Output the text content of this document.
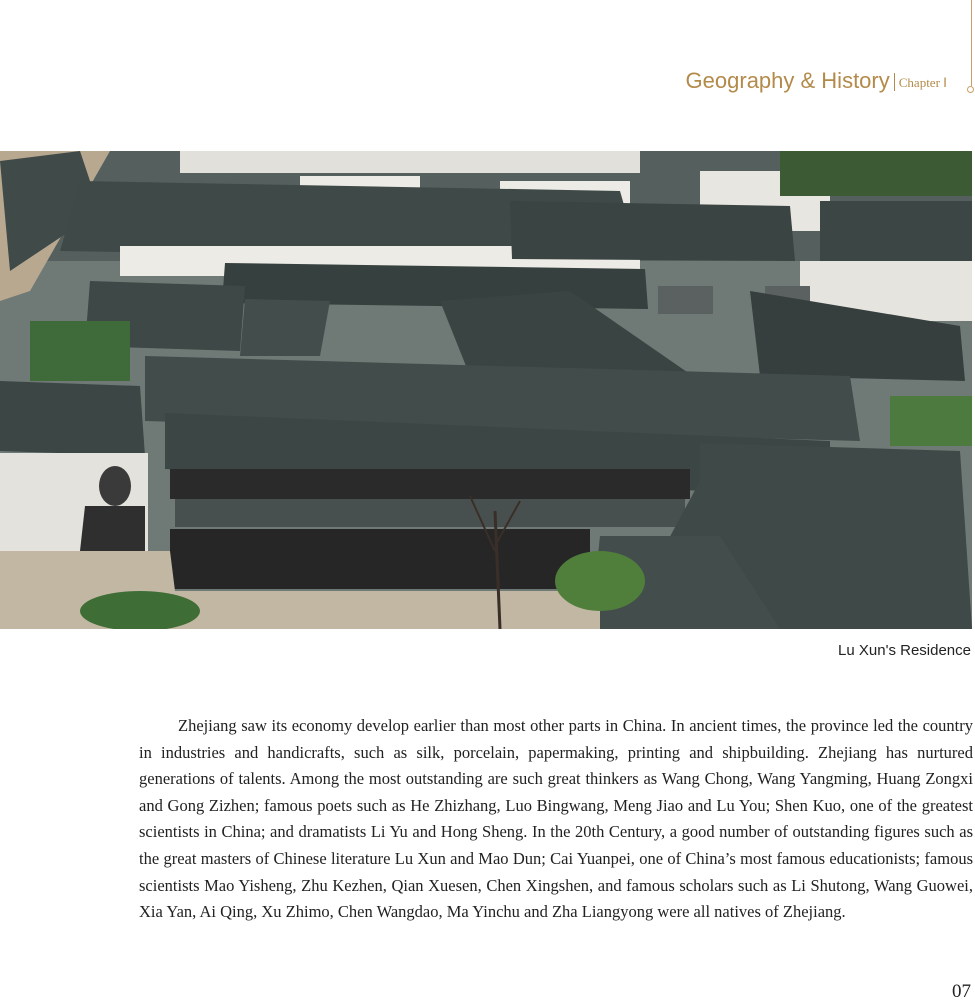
Geography & History Chapter Ⅰ
Lu Xun's Residence
Zhejiang saw its economy develop earlier than most other parts in China. In ancient times, the province led the country in industries and handicrafts, such as silk, porcelain, papermaking, printing and shipbuilding. Zhejiang has nurtured generations of talents. Among the most outstanding are such great thinkers as Wang Chong, Wang Yangming, Huang Zongxi and Gong Zizhen; famous poets such as He Zhizhang, Luo Bingwang, Meng Jiao and Lu You; Shen Kuo, one of the greatest scientists in China; and dramatists Li Yu and Hong Sheng. In the 20th Century, a good number of outstanding figures such as the great masters of Chinese literature Lu Xun and Mao Dun; Cai Yuanpei, one of China’s most famous educationists; famous scientists Mao Yisheng, Zhu Kezhen, Qian Xuesen, Chen Xingshen, and famous scholars such as Li Shutong, Wang Guowei, Xia Yan, Ai Qing, Xu Zhimo, Chen Wangdao, Ma Yinchu and Zha Liangyong were all natives of Zhejiang.
07
